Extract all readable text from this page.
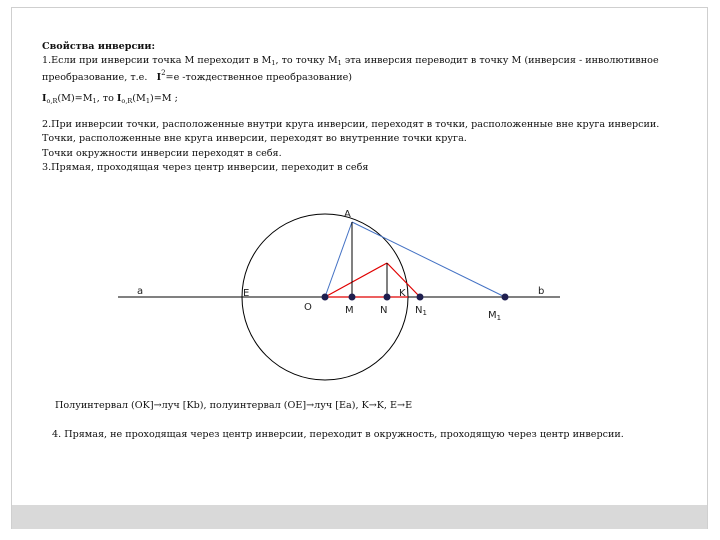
Свойства инверсии:
1.Если при инверсии точка М переходит в $М_1$, то точку $М_1$ эта инверсия переводит в точку М (инверсия - инволютивное
преобразование, т.е. $I^2=e$ -тождественное преобразование)
$I_{o,R}(M)=M_1$, то $I_{o,R}(M_1)=M$ ;
2.При инверсии точки, расположенные внутри круга инверсии, переходят в точки, расположенные вне круга инверсии.
Точки, расположенные вне круга инверсии, переходят во внутренние точки круга.
Точки окружности инверсии переходят в себя.
3.Прямая, проходящая через центр инверсии, переходит в себя
A
a	b
E
O	M	N
K
$N_1$	$M_1$
Полуинтервал (OK]→луч [Kb), полуинтервал (OE]→луч [Ea), K→K, E→E
4. Прямая, не проходящая через центр инверсии, переходит в окружность, проходящую через центр инверсии.
